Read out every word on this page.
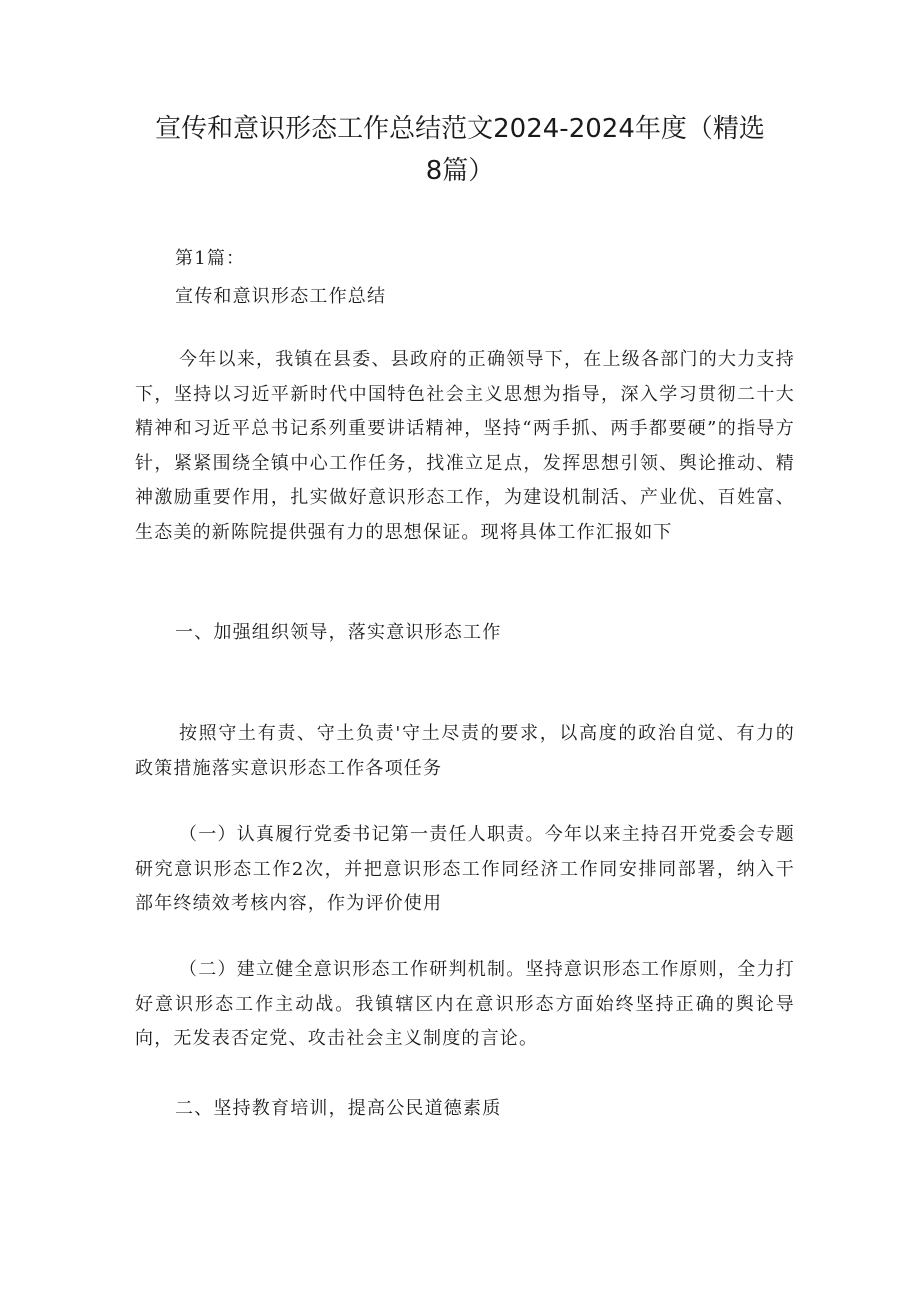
宣传和意识形态工作总结范文2024-2024年度（精选8篇）
第1篇：
宣传和意识形态工作总结
今年以来，我镇在县委、县政府的正确领导下，在上级各部门的大力支持下，坚持以习近平新时代中国特色社会主义思想为指导，深入学习贯彻二十大精神和习近平总书记系列重要讲话精神，坚持“两手抓、两手都要硬”的指导方针，紧紧围绕全镇中心工作任务，找准立足点，发挥思想引领、舆论推动、精神激励重要作用，扎实做好意识形态工作，为建设机制活、产业优、百姓富、生态美的新陈院提供强有力的思想保证。现将具体工作汇报如下
一、加强组织领导，落实意识形态工作
按照守土有责、守土负责'守土尽责的要求，以高度的政治自觉、有力的政策措施落实意识形态工作各项任务
（一）认真履行党委书记第一责任人职责。今年以来主持召开党委会专题研究意识形态工作2次，并把意识形态工作同经济工作同安排同部署，纳入干部年终绩效考核内容，作为评价使用
（二）建立健全意识形态工作研判机制。坚持意识形态工作原则，全力打好意识形态工作主动战。我镇辖区内在意识形态方面始终坚持正确的舆论导向，无发表否定党、攻击社会主义制度的言论。
二、坚持教育培训，提高公民道德素质
